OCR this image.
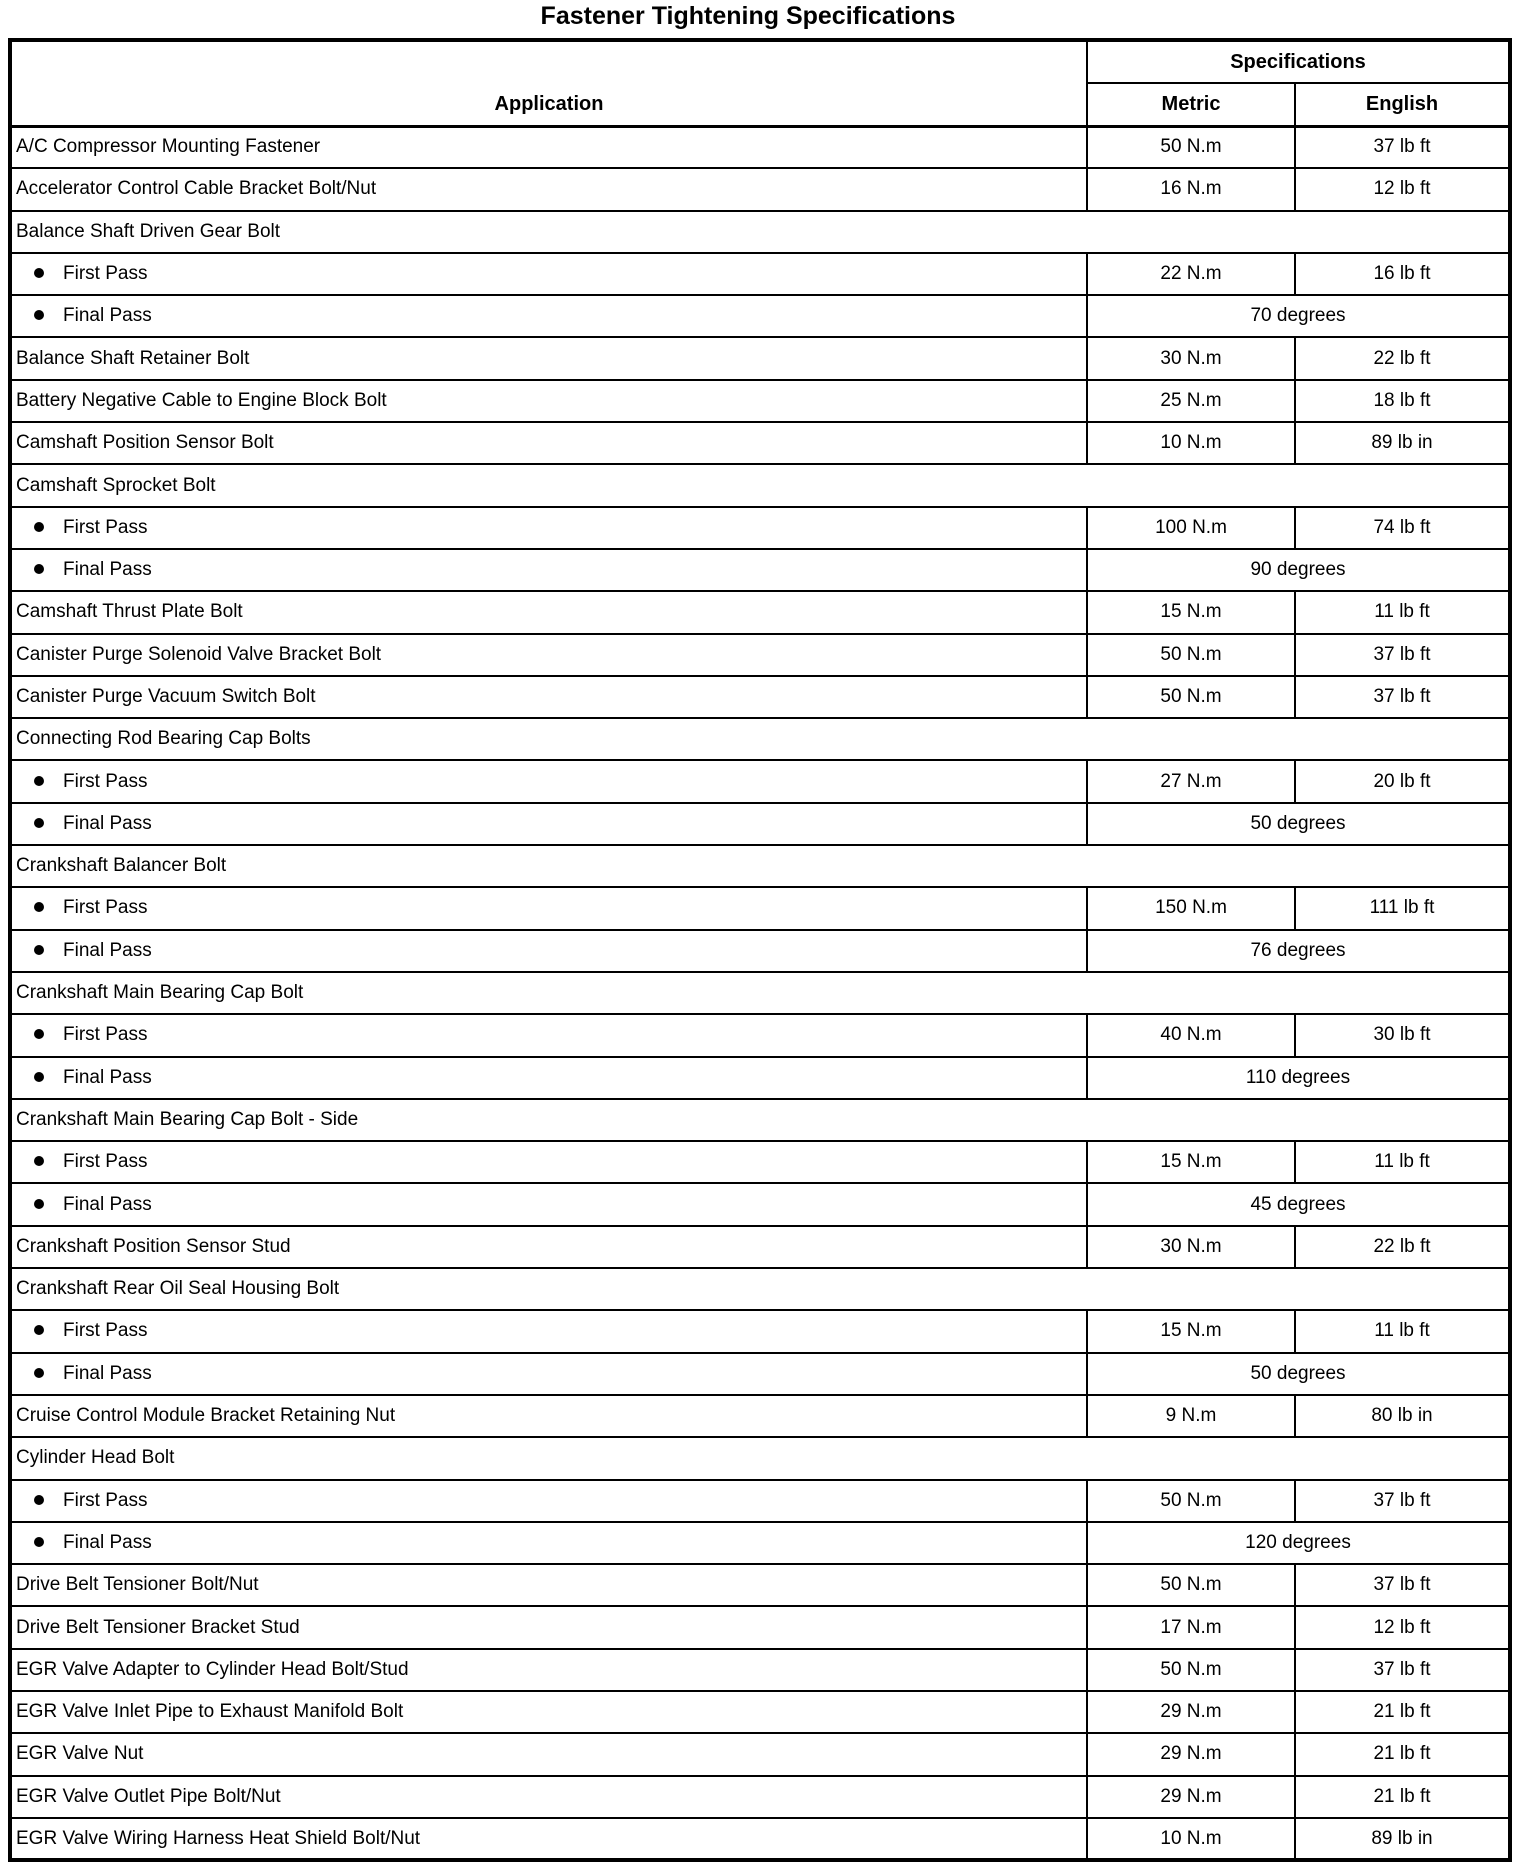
Fastener Tightening Specifications
Application	Specifications	
	Metric	English
A/C Compressor Mounting Fastener	50 N.m	37 lb ft
Accelerator Control Cable Bracket Bolt/Nut	16 N.m	12 lb ft
Balance Shaft Driven Gear Bolt		
First Pass	22 N.m	16 lb ft
Final Pass	70 degrees	
Balance Shaft Retainer Bolt	30 N.m	22 lb ft
Battery Negative Cable to Engine Block Bolt	25 N.m	18 lb ft
Camshaft Position Sensor Bolt	10 N.m	89 lb in
Camshaft Sprocket Bolt		
First Pass	100 N.m	74 lb ft
Final Pass	90 degrees	
Camshaft Thrust Plate Bolt	15 N.m	11 lb ft
Canister Purge Solenoid Valve Bracket Bolt	50 N.m	37 lb ft
Canister Purge Vacuum Switch Bolt	50 N.m	37 lb ft
Connecting Rod Bearing Cap Bolts		
First Pass	27 N.m	20 lb ft
Final Pass	50 degrees	
Crankshaft Balancer Bolt		
First Pass	150 N.m	111 lb ft
Final Pass	76 degrees	
Crankshaft Main Bearing Cap Bolt		
First Pass	40 N.m	30 lb ft
Final Pass	110 degrees	
Crankshaft Main Bearing Cap Bolt - Side		
First Pass	15 N.m	11 lb ft
Final Pass	45 degrees	
Crankshaft Position Sensor Stud	30 N.m	22 lb ft
Crankshaft Rear Oil Seal Housing Bolt		
First Pass	15 N.m	11 lb ft
Final Pass	50 degrees	
Cruise Control Module Bracket Retaining Nut	9 N.m	80 lb in
Cylinder Head Bolt		
First Pass	50 N.m	37 lb ft
Final Pass	120 degrees	
Drive Belt Tensioner Bolt/Nut	50 N.m	37 lb ft
Drive Belt Tensioner Bracket Stud	17 N.m	12 lb ft
EGR Valve Adapter to Cylinder Head Bolt/Stud	50 N.m	37 lb ft
EGR Valve Inlet Pipe to Exhaust Manifold Bolt	29 N.m	21 lb ft
EGR Valve Nut	29 N.m	21 lb ft
EGR Valve Outlet Pipe Bolt/Nut	29 N.m	21 lb ft
EGR Valve Wiring Harness Heat Shield Bolt/Nut	10 N.m	89 lb in
